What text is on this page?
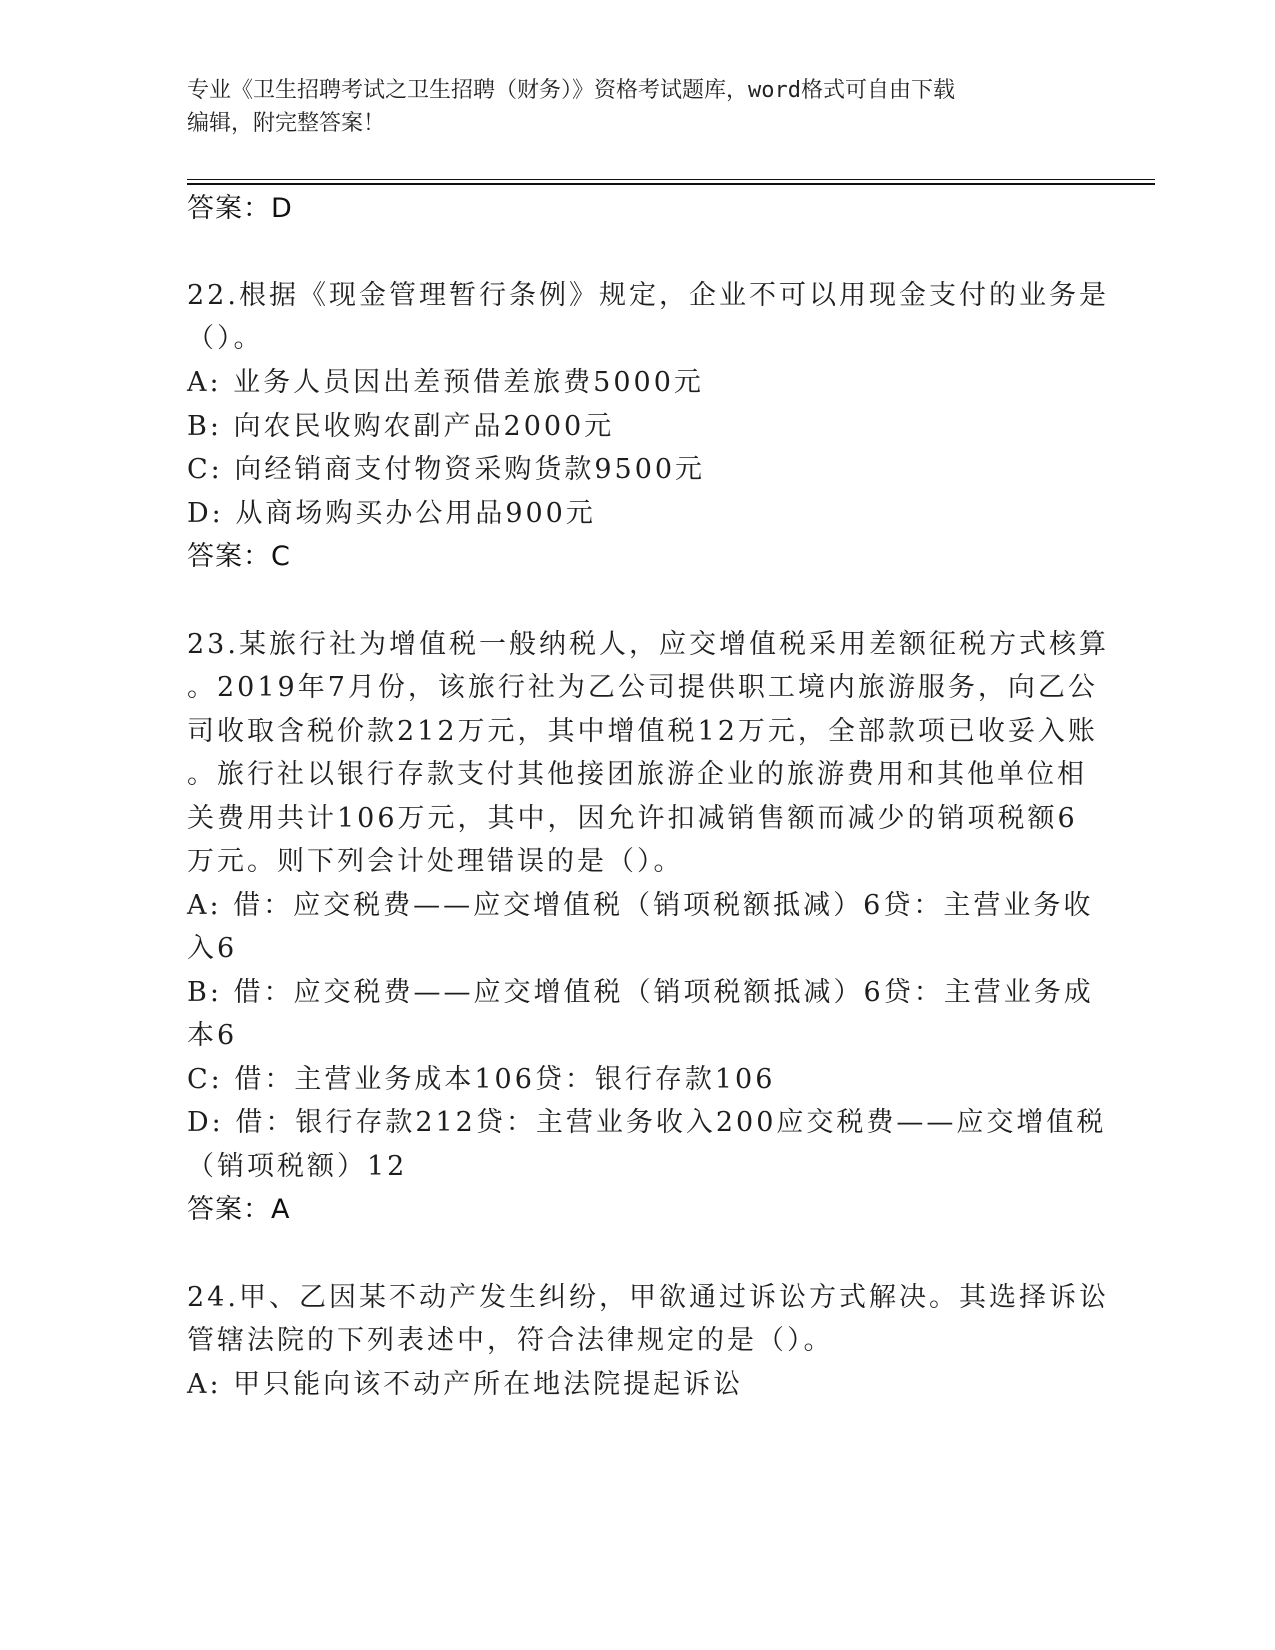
专业《卫生招聘考试之卫生招聘（财务）》资格考试题库，word格式可自由下载
编辑，附完整答案！
答案：D
22.根据《现金管理暂行条例》规定，企业不可以用现金支付的业务是
（）。
A: 业务人员因出差预借差旅费5000元
B: 向农民收购农副产品2000元
C: 向经销商支付物资采购货款9500元
D: 从商场购买办公用品900元
答案：C
23.某旅行社为增值税一般纳税人，应交增值税采用差额征税方式核算
。2019年7月份，该旅行社为乙公司提供职工境内旅游服务，向乙公
司收取含税价款212万元，其中增值税12万元，全部款项已收妥入账
。旅行社以银行存款支付其他接团旅游企业的旅游费用和其他单位相
关费用共计106万元，其中，因允许扣减销售额而减少的销项税额6
万元。则下列会计处理错误的是（）。
A: 借：应交税费——应交增值税（销项税额抵减）6贷：主营业务收
入6
B: 借：应交税费——应交增值税（销项税额抵减）6贷：主营业务成
本6
C: 借：主营业务成本106贷：银行存款106
D: 借：银行存款212贷：主营业务收入200应交税费——应交增值税
（销项税额）12
答案：A
24.甲、乙因某不动产发生纠纷，甲欲通过诉讼方式解决。其选择诉讼
管辖法院的下列表述中，符合法律规定的是（）。
A: 甲只能向该不动产所在地法院提起诉讼
